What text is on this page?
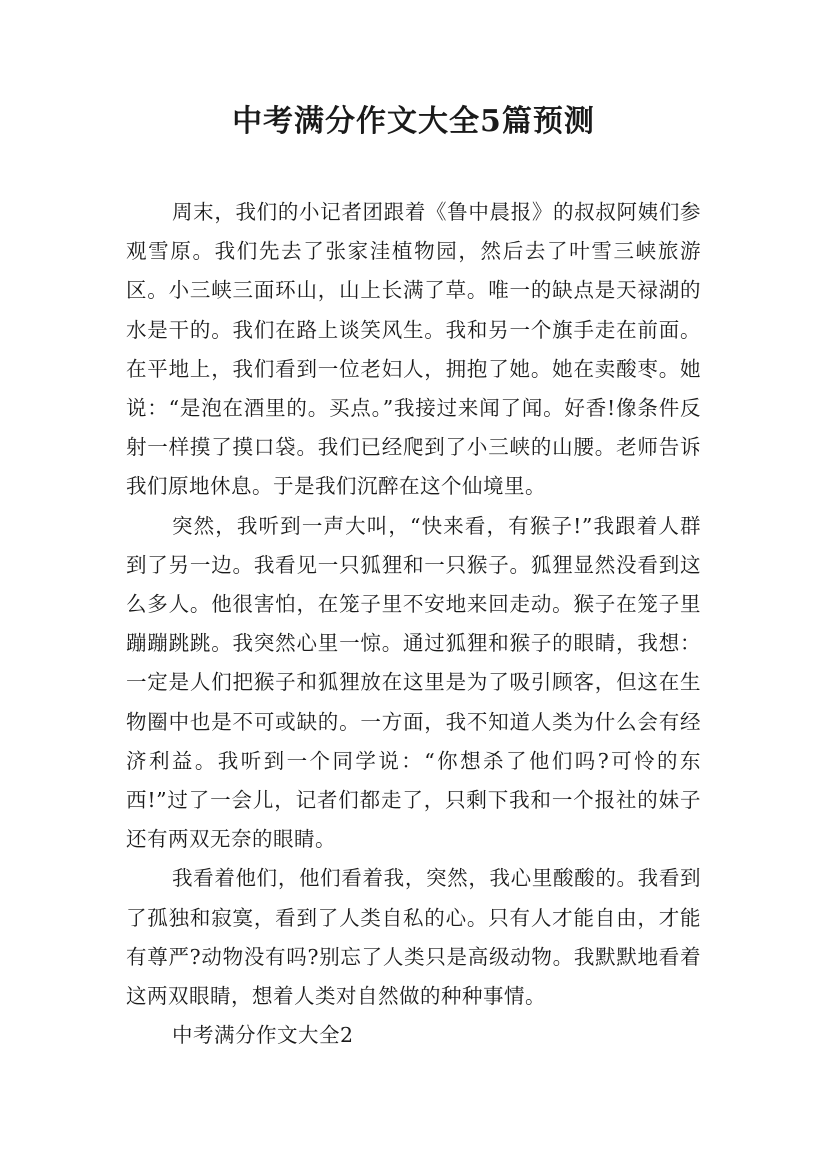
中考满分作文大全5篇预测

周末，我们的小记者团跟着《鲁中晨报》的叔叔阿姨们参观雪原。我们先去了张家洼植物园，然后去了叶雪三峡旅游区。小三峡三面环山，山上长满了草。唯一的缺点是天禄湖的水是干的。我们在路上谈笑风生。我和另一个旗手走在前面。在平地上，我们看到一位老妇人，拥抱了她。她在卖酸枣。她说：“是泡在酒里的。买点。”我接过来闻了闻。好香!像条件反射一样摸了摸口袋。我们已经爬到了小三峡的山腰。老师告诉我们原地休息。于是我们沉醉在这个仙境里。

突然，我听到一声大叫，“快来看，有猴子!”我跟着人群到了另一边。我看见一只狐狸和一只猴子。狐狸显然没看到这么多人。他很害怕，在笼子里不安地来回走动。猴子在笼子里蹦蹦跳跳。我突然心里一惊。通过狐狸和猴子的眼睛，我想：一定是人们把猴子和狐狸放在这里是为了吸引顾客，但这在生物圈中也是不可或缺的。一方面，我不知道人类为什么会有经济利益。我听到一个同学说：“你想杀了他们吗?可怜的东西!”过了一会儿，记者们都走了，只剩下我和一个报社的妹子还有两双无奈的眼睛。

我看着他们，他们看着我，突然，我心里酸酸的。我看到了孤独和寂寞，看到了人类自私的心。只有人才能自由，才能有尊严?动物没有吗?别忘了人类只是高级动物。我默默地看着这两双眼睛，想着人类对自然做的种种事情。

中考满分作文大全2
